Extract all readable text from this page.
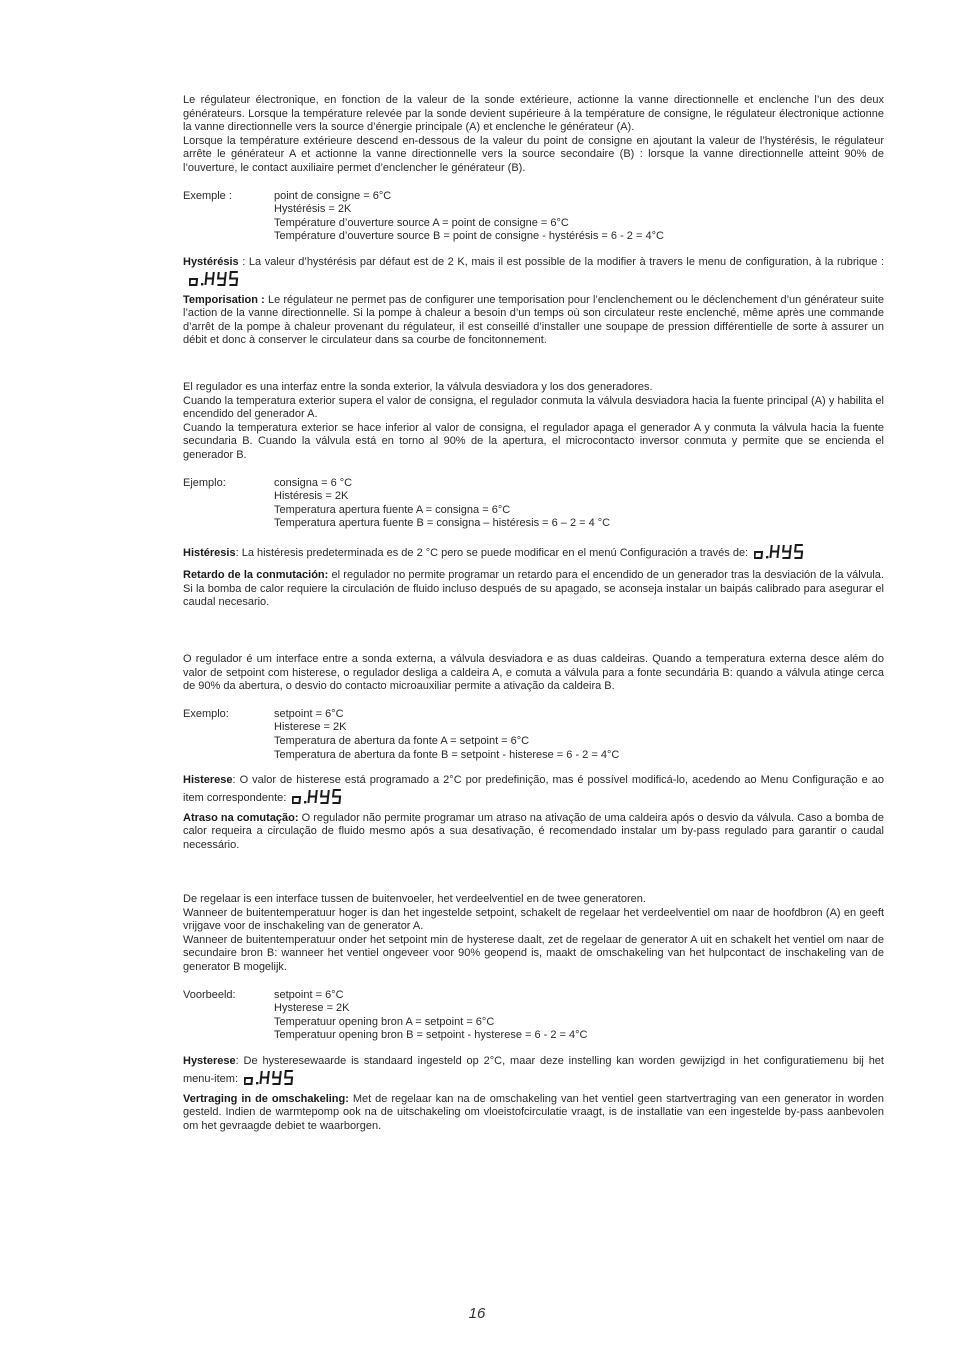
Le régulateur électronique, en fonction de la valeur de la sonde extérieure, actionne la vanne directionnelle et enclenche l’un des deux générateurs. Lorsque la température relevée par la sonde devient supérieure à la température de consigne, le régulateur électronique actionne la vanne directionnelle vers la source d’énergie principale (A) et enclenche le générateur (A).

Lorsque la température extérieure descend en-dessous de la valeur du point de consigne en ajoutant la valeur de l’hystérésis, le régulateur arrête le générateur A et actionne la vanne directionnelle vers la source secondaire (B) : lorsque la vanne directionnelle atteint 90% de l’ouverture, le contact auxiliaire permet d’enclencher le générateur (B).

Exemple :	point de consigne = 6°C
Hystérésis = 2K
Température d’ouverture source A = point de consigne = 6°C
Température d’ouverture source B = point de consigne - hystérésis = 6 - 2 = 4°C

Hystérésis : La valeur d’hystérésis par défaut est de 2 K, mais il est possible de la modifier à travers le menu de configuration, à la rubrique :

Temporisation : Le régulateur ne permet pas de configurer une temporisation pour l’enclenchement ou le déclenchement d’un générateur suite l’action de la vanne directionnelle. Si la pompe à chaleur a besoin d’un temps où son circulateur reste enclenché, même après une commande d’arrêt de la pompe à chaleur provenant du régulateur, il est conseillé d’installer une soupape de pression différentielle de sorte à assurer un débit et donc à conserver le circulateur dans sa courbe de foncitonnement.

El regulador es una interfaz entre la sonda exterior, la válvula desviadora y los dos generadores.

Cuando la temperatura exterior supera el valor de consigna, el regulador conmuta la válvula desviadora hacia la fuente principal (A) y habilita el encendido del generador A.

Cuando la temperatura exterior se hace inferior al valor de consigna, el regulador apaga el generador A y conmuta la válvula hacia la fuente secundaria B. Cuando la válvula está en torno al 90% de la apertura, el microcontacto inversor conmuta y permite que se encienda el generador B.

Ejemplo:	consigna = 6 °C
Histéresis = 2K
Temperatura apertura fuente A = consigna = 6°C
Temperatura apertura fuente B = consigna – histéresis = 6 – 2 = 4 °C

Histéresis: La histéresis predeterminada es de 2 °C pero se puede modificar en el menú Configuración a través de:

Retardo de la conmutación: el regulador no permite programar un retardo para el encendido de un generador tras la desviación de la válvula. Si la bomba de calor requiere la circulación de fluido incluso después de su apagado, se aconseja instalar un baipás calibrado para asegurar el caudal necesario.

O regulador é um interface entre a sonda externa, a válvula desviadora e as duas caldeiras. Quando a temperatura externa desce além do valor de setpoint com histerese, o regulador desliga a caldeira A, e comuta a válvula para a fonte secundária B: quando a válvula atinge cerca de 90% da abertura, o desvio do contacto microauxiliar permite a ativação da caldeira B.

Exemplo:	setpoint = 6°C
Histerese = 2K
Temperatura de abertura da fonte A = setpoint = 6°C
Temperatura de abertura da fonte B = setpoint - histerese = 6 - 2 = 4°C

Histerese: O valor de histerese está programado a 2°C por predefinição, mas é possível modificá-lo, acedendo ao Menu Configuração e ao item correspondente:

Atraso na comutação: O regulador não permite programar um atraso na ativação de uma caldeira após o desvio da válvula. Caso a bomba de calor requeira a circulação de fluido mesmo após a sua desativação, é recomendado instalar um by-pass regulado para garantir o caudal necessário.

De regelaar is een interface tussen de buitenvoeler, het verdeelventiel en de twee generatoren.

Wanneer de buitentemperatuur hoger is dan het ingestelde setpoint, schakelt de regelaar het verdeelventiel om naar de hoofdbron (A) en geeft vrijgave voor de inschakeling van de generator A.

Wanneer de buitentemperatuur onder het setpoint min de hysterese daalt, zet de regelaar de generator A uit en schakelt het ventiel om naar de secundaire bron B: wanneer het ventiel ongeveer voor 90% geopend is, maakt de omschakeling van het hulpcontact de inschakeling van de generator B mogelijk.

Voorbeeld:	setpoint = 6°C
Hysterese = 2K
Temperatuur opening bron A = setpoint = 6°C
Temperatuur opening bron B = setpoint - hysterese = 6 - 2 = 4°C

Hysterese: De hysteresewaarde is standaard ingesteld op 2°C, maar deze instelling kan worden gewijzigd in het configuratiemenu bij het menu-item:

Vertraging in de omschakeling: Met de regelaar kan na de omschakeling van het ventiel geen startvertraging van een generator in worden gesteld. Indien de warmtepomp ook na de uitschakeling om vloeistofcirculatie vraagt, is de installatie van een ingestelde by-pass aanbevolen om het gevraagde debiet te waarborgen.

16
